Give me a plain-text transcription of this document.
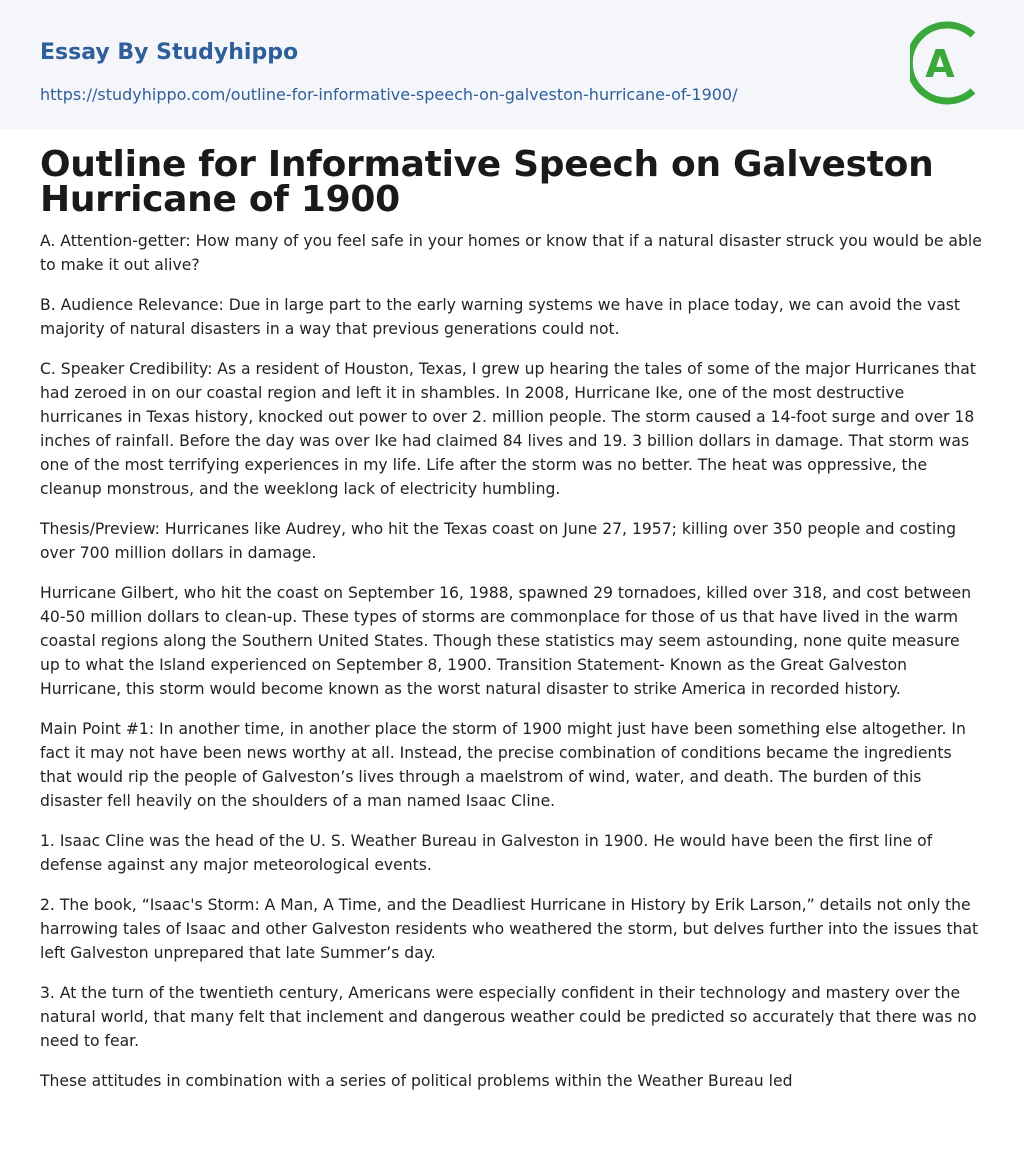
Essay By Studyhippo
https://studyhippo.com/outline-for-informative-speech-on-galveston-hurricane-of-1900/
A
Outline for Informative Speech on Galveston Hurricane of 1900

A. Attention-getter: How many of you feel safe in your homes or know that if a natural disaster struck you would be able to make it out alive?

B. Audience Relevance: Due in large part to the early warning systems we have in place today, we can avoid the vast majority of natural disasters in a way that previous generations could not.

C. Speaker Credibility: As a resident of Houston, Texas, I grew up hearing the tales of some of the major Hurricanes that had zeroed in on our coastal region and left it in shambles. In 2008, Hurricane Ike, one of the most destructive hurricanes in Texas history, knocked out power to over 2. million people. The storm caused a 14-foot surge and over 18 inches of rainfall. Before the day was over Ike had claimed 84 lives and 19. 3 billion dollars in damage. That storm was one of the most terrifying experiences in my life. Life after the storm was no better. The heat was oppressive, the cleanup monstrous, and the weeklong lack of electricity humbling.

Thesis/Preview: Hurricanes like Audrey, who hit the Texas coast on June 27, 1957; killing over 350 people and costing over 700 million dollars in damage.

Hurricane Gilbert, who hit the coast on September 16, 1988, spawned 29 tornadoes, killed over 318, and cost between 40-50 million dollars to clean-up. These types of storms are commonplace for those of us that have lived in the warm coastal regions along the Southern United States. Though these statistics may seem astounding, none quite measure up to what the Island experienced on September 8, 1900. Transition Statement- Known as the Great Galveston Hurricane, this storm would become known as the worst natural disaster to strike America in recorded history.

Main Point #1: In another time, in another place the storm of 1900 might just have been something else altogether. In fact it may not have been news worthy at all. Instead, the precise combination of conditions became the ingredients that would rip the people of Galveston’s lives through a maelstrom of wind, water, and death. The burden of this disaster fell heavily on the shoulders of a man named Isaac Cline.

1. Isaac Cline was the head of the U. S. Weather Bureau in Galveston in 1900. He would have been the first line of defense against any major meteorological events.

2. The book, “Isaac's Storm: A Man, A Time, and the Deadliest Hurricane in History by Erik Larson,” details not only the harrowing tales of Isaac and other Galveston residents who weathered the storm, but delves further into the issues that left Galveston unprepared that late Summer’s day.

3. At the turn of the twentieth century, Americans were especially confident in their technology and mastery over the natural world, that many felt that inclement and dangerous weather could be predicted so accurately that there was no need to fear.

These attitudes in combination with a series of political problems within the Weather Bureau led
